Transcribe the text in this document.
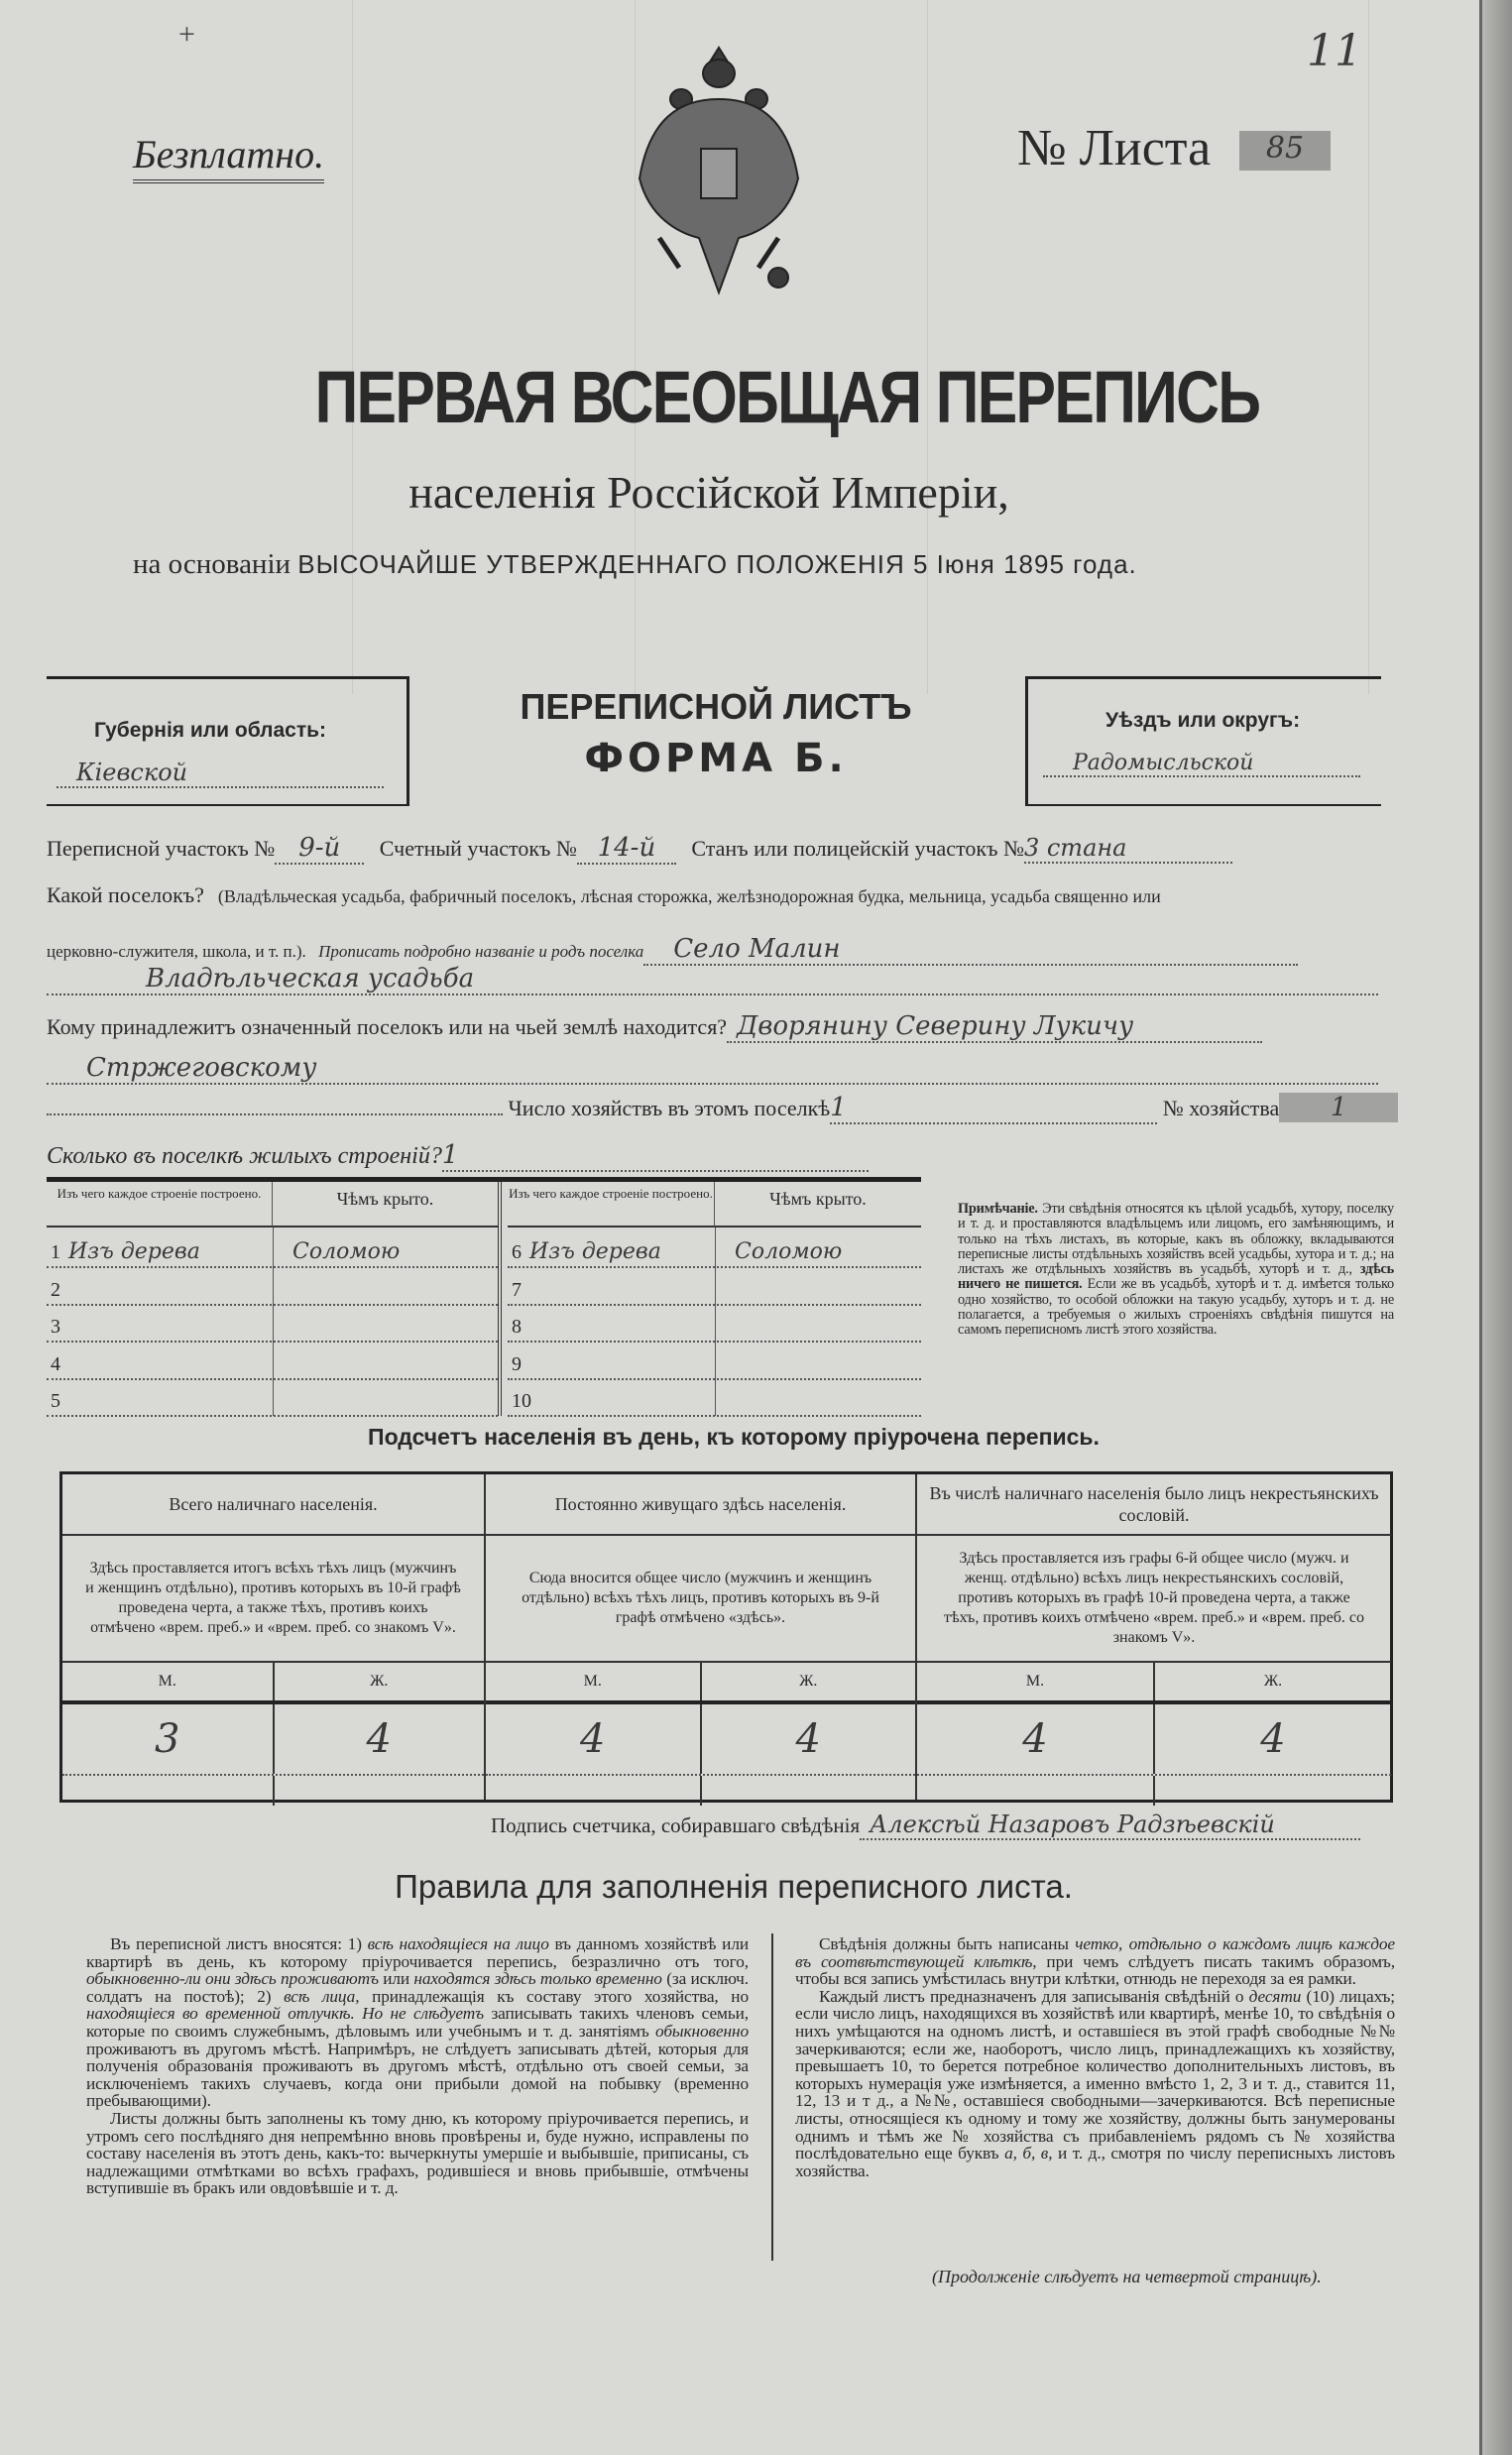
+
Безплатно.	№ Листа	85
11
ПЕРВАЯ ВСЕОБЩАЯ ПЕРЕПИСЬ
населенія Россійской Имперіи,
на основаніи ВЫСОЧАЙШЕ УТВЕРЖДЕННАГО ПОЛОЖЕНІЯ 5 Іюня 1895 года.
Губернія или область:
Кіевской
ПЕРЕПИСНОЙ ЛИСТЪ
ФОРМА Б.
Уѣздъ или округъ:
Радомысльской
Переписной участокъ № 9-й Счетный участокъ № 14-й Станъ или полицейскій участокъ №3 стана
Какой поселокъ? (Владѣльческая усадьба, фабричный поселокъ, лѣсная сторожка, желѣзнодорожная будка, мельница, усадьба священно или
церковно-служителя, школа, и т. п.). Прописать подробно названіе и родъ поселка Село Малин
Владѣльческая усадьба
Кому принадлежитъ означенный поселокъ или на чьей землѣ находится? Дворянину Северину Лукичу
Стржеговскому
Число хозяйствъ въ этомъ поселкѣ1	№ хозяйства 1
Сколько въ поселкѣ жилыхъ строеній?1
Изъ чего каждое строеніе построено.	Чѣмъ крыто.
1 Изъ дерева	Соломою
2
3
4
5
Изъ чего каждое строеніе построено.	Чѣмъ крыто.
6 Изъ дерева	Соломою
7
8
9
10
Примѣчаніе. Эти свѣдѣнія относятся къ цѣлой усадьбѣ, хутору, поселку и т. д. и проставляются владѣльцемъ или лицомъ, его замѣняющимъ, и только на тѣхъ листахъ, въ которые, какъ въ обложку, вкладываются переписные листы отдѣльныхъ хозяйствъ всей усадьбы, хутора и т. д.; на листахъ же отдѣльныхъ хозяйствъ въ усадьбѣ, хуторѣ и т. д., здѣсь ничего не пишется. Если же въ усадьбѣ, хуторѣ и т. д. имѣется только одно хозяйство, то особой обложки на такую усадьбу, хуторъ и т. д. не полагается, а требуемыя о жилыхъ строеніяхъ свѣдѣнія пишутся на самомъ переписномъ листѣ этого хозяйства.
Подсчетъ населенія въ день, къ которому пріурочена перепись.
Всего наличнаго населенія.
Здѣсь проставляется итогъ всѣхъ тѣхъ лицъ (мужчинъ и женщинъ отдѣльно), противъ которыхъ въ 10-й графѣ проведена черта, а также тѣхъ, противъ коихъ отмѣчено «врем. преб.» и «врем. преб. со знакомъ V».
М.	Ж.
3	4
Постоянно живущаго здѣсь населенія.
Сюда вносится общее число (мужчинъ и женщинъ отдѣльно) всѣхъ тѣхъ лицъ, противъ которыхъ въ 9-й графѣ отмѣчено «здѣсь».
М.	Ж.
4	4
Въ числѣ наличнаго населенія было лицъ некрестьянскихъ сословій.
Здѣсь проставляется изъ графы 6-й общее число (мужч. и женщ. отдѣльно) всѣхъ лицъ некрестьянскихъ сословій, противъ которыхъ въ графѣ 10-й проведена черта, а также тѣхъ, противъ коихъ отмѣчено «врем. преб.» и «врем. преб. со знакомъ V».
М.	Ж.
4	4
Подпись счетчика, собиравшаго свѣдѣнія Алексѣй Назаровъ Радзѣевскій
Правила для заполненія переписного листа.

Въ переписной листъ вносятся: 1) всѣ находящіеся на лицо въ данномъ хозяйствѣ или квартирѣ въ день, къ которому пріурочивается перепись, безразлично отъ того, обыкновенно-ли они здѣсь проживаютъ или находятся здѣсь только временно (за исключ. солдатъ на постоѣ); 2) всѣ лица, принадлежащія къ составу этого хозяйства, но находящіеся во временной отлучкѣ. Но не слѣдуетъ записывать такихъ членовъ семьи, которые по своимъ служебнымъ, дѣловымъ или учебнымъ и т. д. занятіямъ обыкновенно проживаютъ въ другомъ мѣстѣ. Напримѣръ, не слѣдуетъ записывать дѣтей, которыя для полученія образованія проживаютъ въ другомъ мѣстѣ, отдѣльно отъ своей семьи, за исключеніемъ такихъ случаевъ, когда они прибыли домой на побывку (временно пребывающими).

Листы должны быть заполнены къ тому дню, къ которому пріурочивается перепись, и утромъ сего послѣдняго дня непремѣнно вновь провѣрены и, буде нужно, исправлены по составу населенія въ этотъ день, какъ-то: вычеркнуты умершіе и выбывшіе, приписаны, съ надлежащими отмѣтками во всѣхъ графахъ, родившіеся и вновь прибывшіе, отмѣчены вступившіе въ бракъ или овдовѣвшіе и т. д.

Свѣдѣнія должны быть написаны четко, отдѣльно о каждомъ лицѣ каждое въ соотвѣтствующей клѣткѣ, при чемъ слѣдуетъ писать такимъ образомъ, чтобы вся запись умѣстилась внутри клѣтки, отнюдь не переходя за ея рамки.

Каждый листъ предназначенъ для записыванія свѣдѣній о десяти (10) лицахъ; если число лицъ, находящихся въ хозяйствѣ или квартирѣ, менѣе 10, то свѣдѣнія о нихъ умѣщаются на одномъ листѣ, и оставшіеся въ этой графѣ свободные №№ зачеркиваются; если же, наоборотъ, число лицъ, принадлежащихъ къ хозяйству, превышаетъ 10, то берется потребное количество дополнительныхъ листовъ, въ которыхъ нумерація уже измѣняется, а именно вмѣсто 1, 2, 3 и т. д., ставится 11, 12, 13 и т д., а №№, оставшіеся свободными—зачеркиваются. Всѣ переписные листы, относящіеся къ одному и тому же хозяйству, должны быть занумерованы однимъ и тѣмъ же № хозяйства съ прибавленіемъ рядомъ съ № хозяйства послѣдовательно еще буквъ а, б, в, и т. д., смотря по числу переписныхъ листовъ хозяйства.

(Продолженіе слѣдуетъ на четвертой страницѣ).
